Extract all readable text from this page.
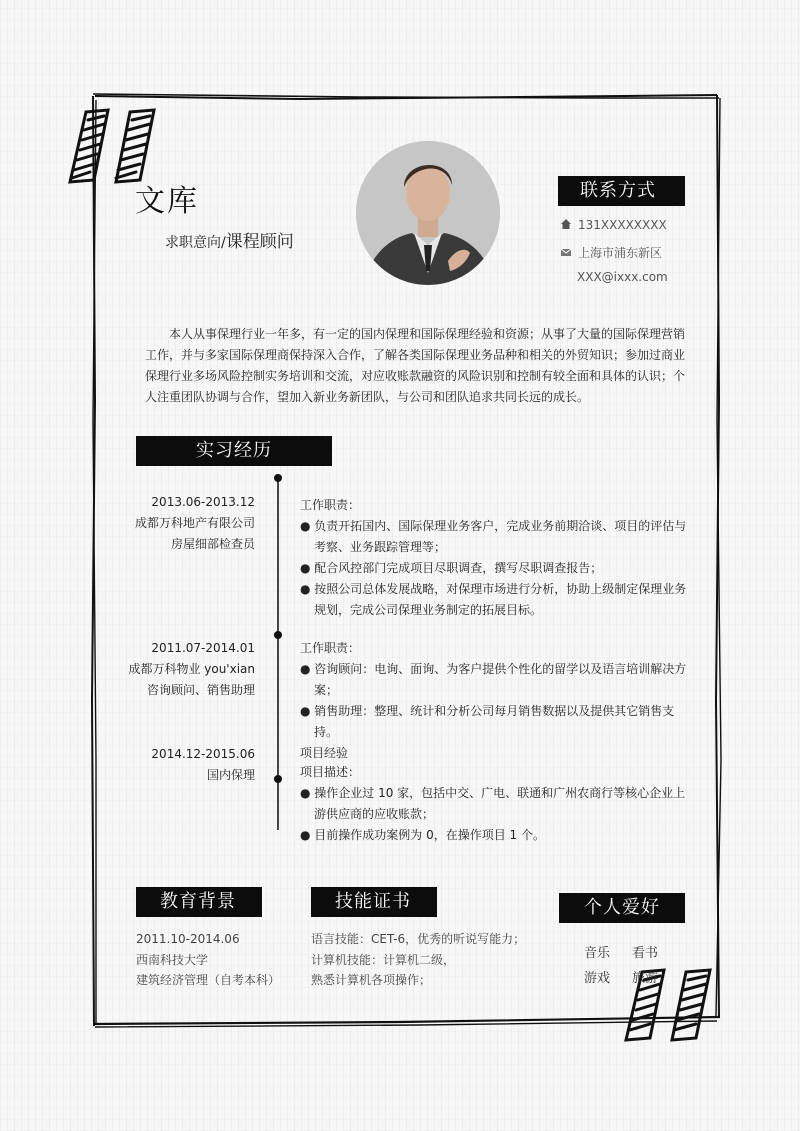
文库
求职意向/课程顾问
联系方式
131XXXXXXXX
上海市浦东新区
XXX@ixxx.com
本人从事保理行业一年多，有一定的国内保理和国际保理经验和资源；从事了大量的国际保理营销工作，并与多家国际保理商保持深入合作，了解各类国际保理业务品种和相关的外贸知识；参加过商业保理行业多场风险控制实务培训和交流，对应收账款融资的风险识别和控制有较全面和具体的认识；个人注重团队协调与合作，望加入新业务新团队，与公司和团队追求共同长远的成长。
实习经历
2013.06-2013.12
成都万科地产有限公司
房屋细部检查员
工作职责：
● 负责开拓国内、国际保理业务客户，完成业务前期洽谈、项目的评估与考察、业务跟踪管理等；
● 配合风控部门完成项目尽职调查，撰写尽职调查报告；
● 按照公司总体发展战略，对保理市场进行分析，协助上级制定保理业务规划，完成公司保理业务制定的拓展目标。
2011.07-2014.01
成都万科物业 you'xian
咨询顾问、销售助理
工作职责：
● 咨询顾问：电询、面询、为客户提供个性化的留学以及语言培训解决方案；
● 销售助理：整理、统计和分析公司每月销售数据以及提供其它销售支持。
项目经验
2014.12-2015.06
国内保理	项目描述：
● 操作企业过 10 家，包括中交、广电、联通和广州农商行等核心企业上游供应商的应收账款；
● 目前操作成功案例为 0，在操作项目 1 个。
教育背景
2011.10-2014.06
西南科技大学
建筑经济管理（自考本科）
技能证书
语言技能：CET-6，优秀的听说写能力；
计算机技能：计算机二级，
熟悉计算机各项操作；
个人爱好
音乐 看书
游戏 旅游
